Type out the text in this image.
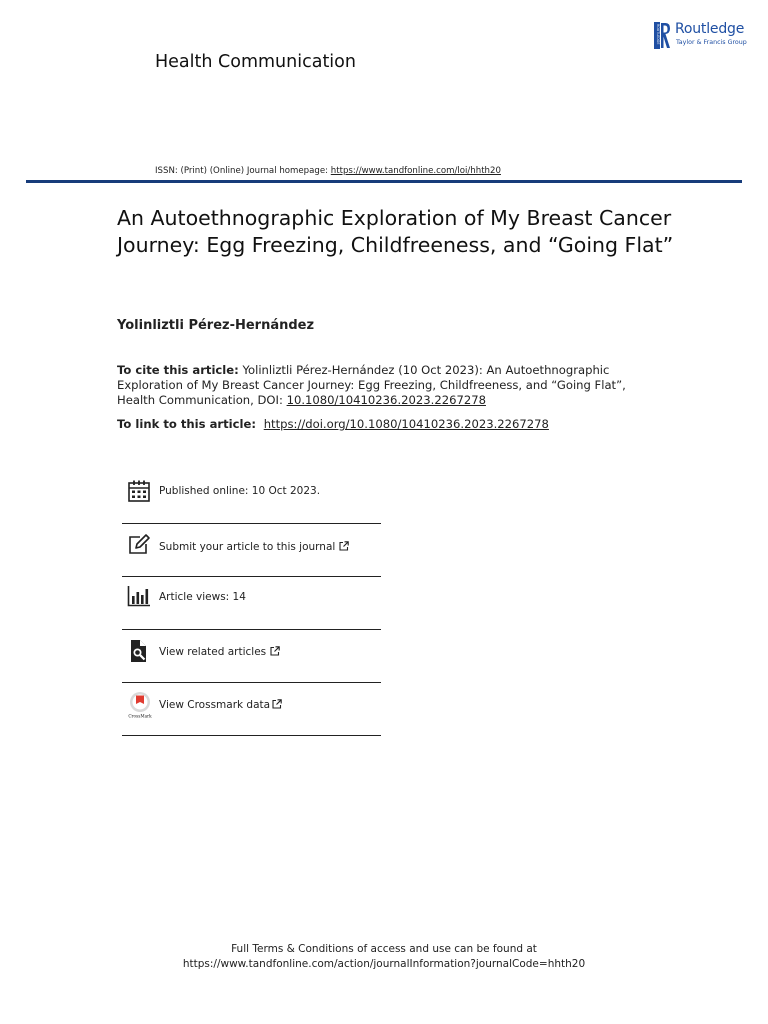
ROUTLEDGE Routledge
Taylor & Francis Group
Health Communication
ISSN: (Print) (Online) Journal homepage: https://www.tandfonline.com/loi/hhth20
An Autoethnographic Exploration of My Breast Cancer Journey: Egg Freezing, Childfreeness, and “Going Flat”
Yolinliztli Pérez-Hernández
To cite this article: Yolinliztli Pérez-Hernández (10 Oct 2023): An Autoethnographic Exploration of My Breast Cancer Journey: Egg Freezing, Childfreeness, and “Going Flat”, Health Communication, DOI: 10.1080/10410236.2023.2267278
To link to this article:  https://doi.org/10.1080/10410236.2023.2267278
Published online: 10 Oct 2023.
Submit your article to this journal
Article views: 14
View related articles
CrossMark
View Crossmark data
Full Terms & Conditions of access and use can be found at
https://www.tandfonline.com/action/journalInformation?journalCode=hhth20
